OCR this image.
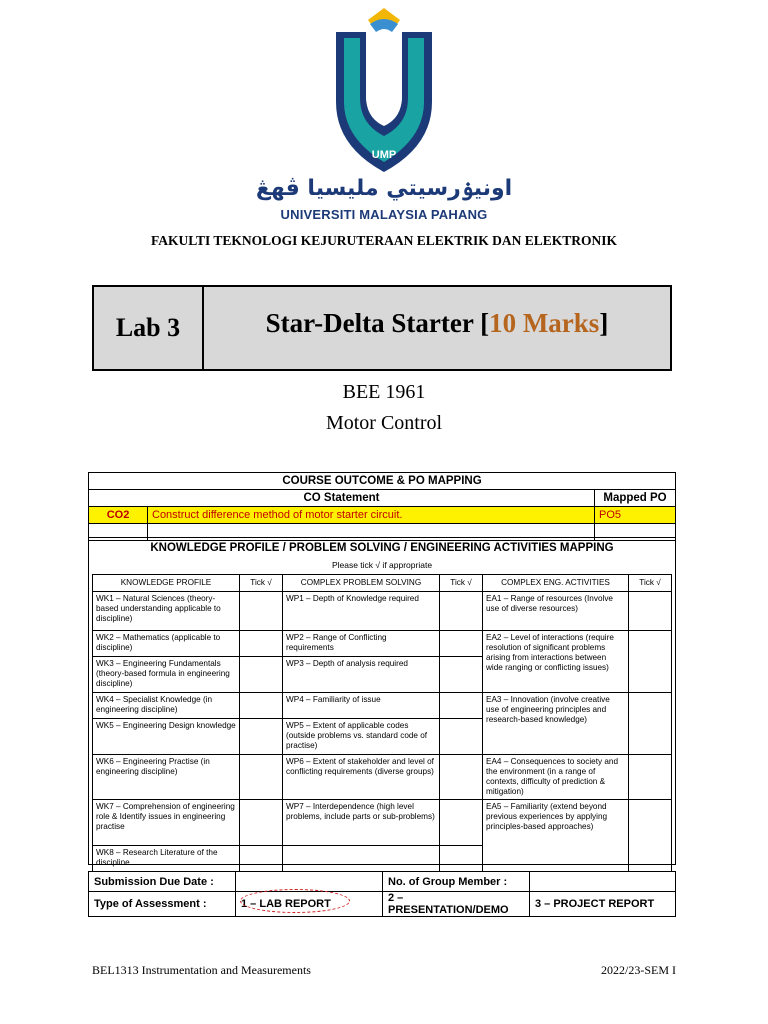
UMP
اونيۏرسيتي مليسيا ڤهڠ
UNIVERSITI MALAYSIA PAHANG
FAKULTI TEKNOLOGI KEJURUTERAAN ELEKTRIK DAN ELEKTRONIK
Lab 3	Star-Delta Starter [ 10 Marks ]
BEE 1961
Motor Control
COURSE OUTCOME & PO MAPPING		
CO Statement		Mapped PO
CO2	Construct difference method of motor starter circuit.	PO5

KNOWLEDGE PROFILE / PROBLEM SOLVING / ENGINEERING ACTIVITIES MAPPING
Please tick √ if appropriate
KNOWLEDGE PROFILE	Tick √	COMPLEX PROBLEM SOLVING	Tick √	COMPLEX ENG. ACTIVITIES	Tick √
WK1 – Natural Sciences (theory-based understanding applicable to discipline)		WP1 – Depth of Knowledge required		EA1 – Range of resources (Involve use of diverse resources)	
WK2 – Mathematics (applicable to discipline)		WP2 – Range of Conflicting requirements		EA2 – Level of interactions (require resolution of significant problems arising from interactions between wide ranging or conflicting issues)	
WK3 – Engineering Fundamentals (theory-based formula in engineering discipline)		WP3 – Depth of analysis required			
WK4 – Specialist Knowledge (in engineering discipline)		WP4 – Familiarity of issue		EA3 – Innovation (involve creative use of engineering principles and research-based knowledge)	
WK5 – Engineering Design knowledge		WP5 – Extent of applicable codes (outside problems vs. standard code of practise)			
WK6 – Engineering Practise (in engineering discipline)		WP6 – Extent of stakeholder and level of conflicting requirements (diverse groups)		EA4 – Consequences to society and the environment (in a range of contexts, difficulty of prediction & mitigation)	
WK7 – Comprehension of engineering role & Identify issues in engineering practise		WP7 – Interdependence (high level problems, include parts or sub-problems)		EA5 – Familiarity (extend beyond previous experiences by applying principles-based approaches)	
WK8 – Research Literature of the discipline					
Submission Due Date :		No. of Group Member :	
Type of Assessment :	1 – LAB REPORT	2 – PRESENTATION/DEMO	3 – PROJECT REPORT
BEL1313 Instrumentation and Measurements	2022/23-SEM I
